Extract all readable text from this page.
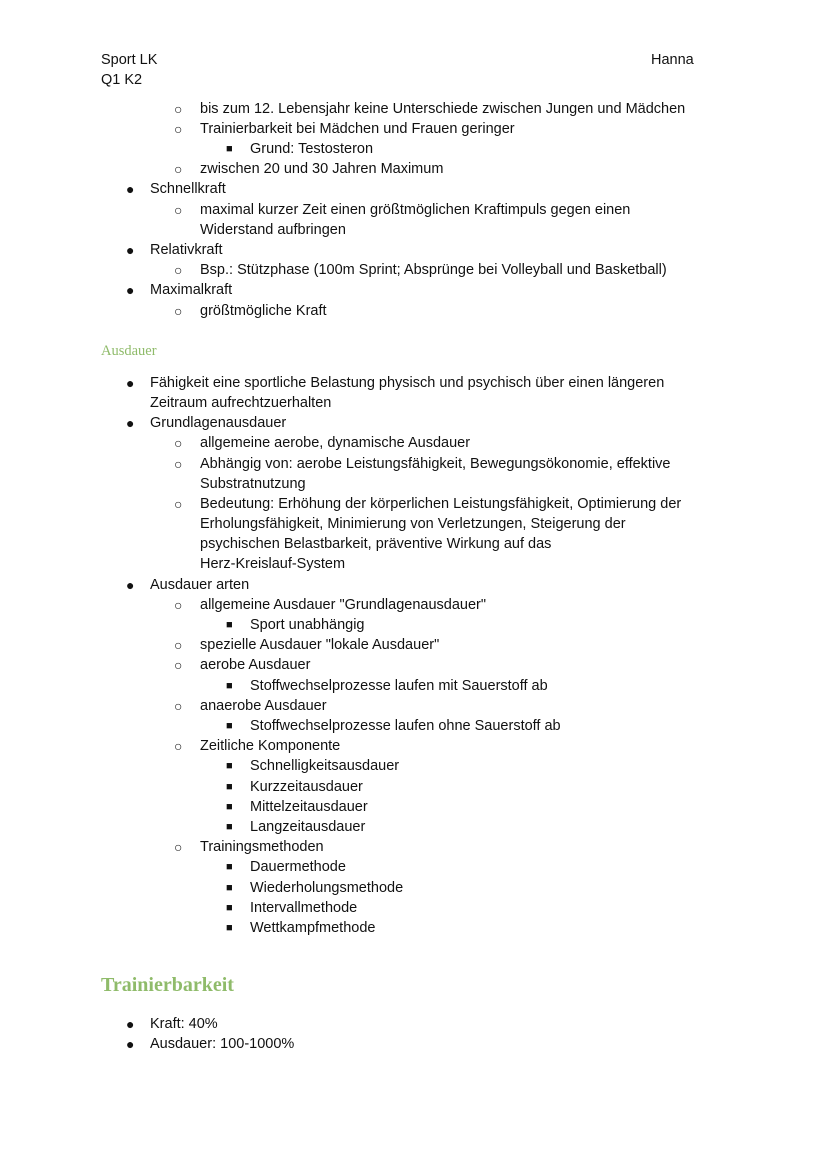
Sport LK
Q1 K2
Hanna
○ bis zum 12. Lebensjahr keine Unterschiede zwischen Jungen und Mädchen
○ Trainierbarkeit bei Mädchen und Frauen geringer
■ Grund: Testosteron
○ zwischen 20 und 30 Jahren Maximum
● Schnellkraft
○ maximal kurzer Zeit einen größtmöglichen Kraftimpuls gegen einen
Widerstand aufbringen
● Relativkraft
○ Bsp.: Stützphase (100m Sprint; Absprünge bei Volleyball und Basketball)
● Maximalkraft
○ größtmögliche Kraft
Ausdauer
● Fähigkeit eine sportliche Belastung physisch und psychisch über einen längeren
Zeitraum aufrechtzuerhalten
● Grundlagenausdauer
○ allgemeine aerobe, dynamische Ausdauer
○ Abhängig von: aerobe Leistungsfähigkeit, Bewegungsökonomie, effektive
Substratnutzung
○ Bedeutung: Erhöhung der körperlichen Leistungsfähigkeit, Optimierung der
Erholungsfähigkeit, Minimierung von Verletzungen, Steigerung der
psychischen Belastbarkeit, präventive Wirkung auf das
Herz-Kreislauf-System
● Ausdauer arten
○ allgemeine Ausdauer "Grundlagenausdauer"
■ Sport unabhängig
○ spezielle Ausdauer "lokale Ausdauer"
○ aerobe Ausdauer
■ Stoffwechselprozesse laufen mit Sauerstoff ab
○ anaerobe Ausdauer
■ Stoffwechselprozesse laufen ohne Sauerstoff ab
○ Zeitliche Komponente
■ Schnelligkeitsausdauer
■ Kurzzeitausdauer
■ Mittelzeitausdauer
■ Langzeitausdauer
○ Trainingsmethoden
■ Dauermethode
■ Wiederholungsmethode
■ Intervallmethode
■ Wettkampfmethode
Trainierbarkeit
● Kraft: 40%
● Ausdauer: 100-1000%
